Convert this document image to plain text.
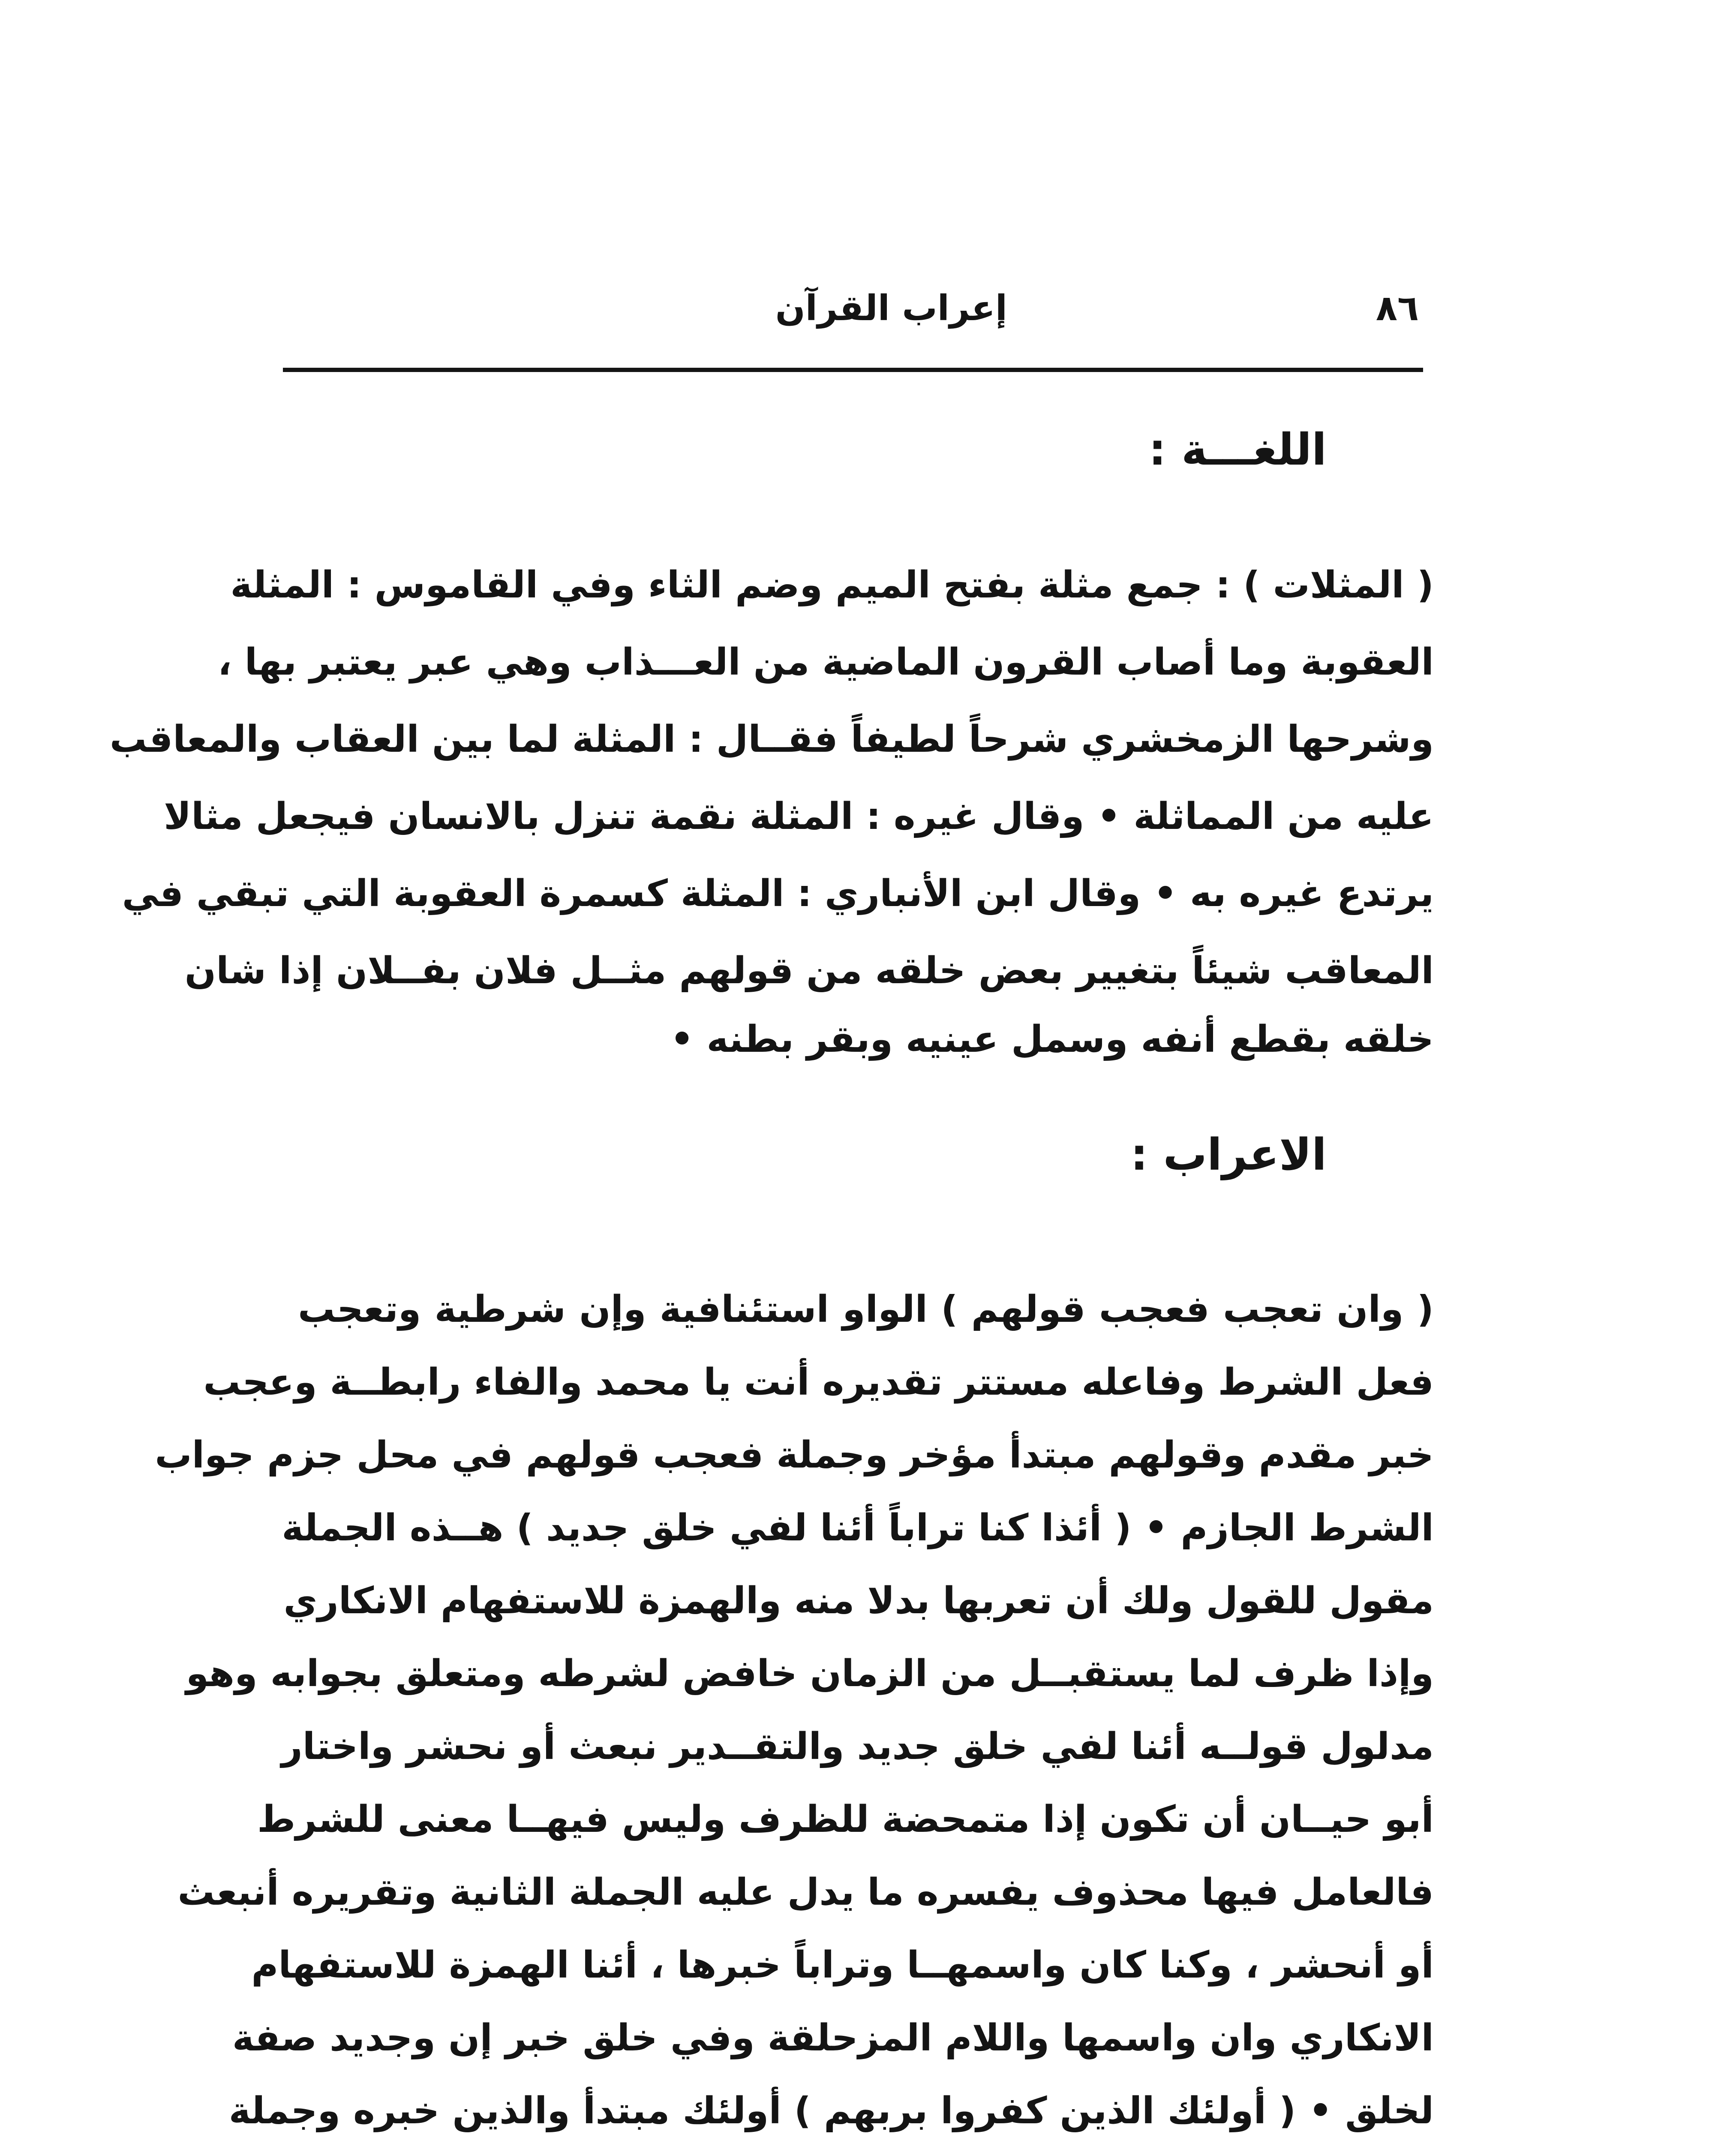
٨٦
إعراب القرآن
اللغـــة :
( المثلات ) : جمع مثلة بفتح الميم وضم الثاء وفي القاموس : المثلة
العقوبة وما أصاب القرون الماضية من العـــذاب وهي عبر يعتبر بها ،
وشرحها الزمخشري شرحاً لطيفاً فقــال : المثلة لما بين العقاب والمعاقب
عليه من المماثلة • وقال غيره : المثلة نقمة تنزل بالانسان فيجعل مثالا
يرتدع غيره به • وقال ابن الأنباري : المثلة كسمرة العقوبة التي تبقي في
المعاقب شيئاً بتغيير بعض خلقه من قولهم مثــل فلان بفــلان إذا شان
خلقه بقطع أنفه وسمل عينيه وبقر بطنه •
الاعراب :
( وان تعجب فعجب قولهم ) الواو استئنافية وإن شرطية وتعجب
فعل الشرط وفاعله مستتر تقديره أنت يا محمد والفاء رابطــة وعجب
خبر مقدم وقولهم مبتدأ مؤخر وجملة فعجب قولهم في محل جزم جواب
الشرط الجازم • ( أئذا كنا تراباً أئنا لفي خلق جديد ) هــذه الجملة
مقول للقول ولك أن تعربها بدلا منه والهمزة للاستفهام الانكاري
وإذا ظرف لما يستقبــل من الزمان خافض لشرطه ومتعلق بجوابه وهو
مدلول قولــه أئنا لفي خلق جديد والتقــدير نبعث أو نحشر واختار
أبو حيــان أن تكون إذا متمحضة للظرف وليس فيهــا معنى للشرط
فالعامل فيها محذوف يفسره ما يدل عليه الجملة الثانية وتقريره أنبعث
أو أنحشر ، وكنا كان واسمهــا وتراباً خبرها ، أئنا الهمزة للاستفهام
الانكاري وان واسمها واللام المزحلقة وفي خلق خبر إن وجديد صفة
لخلق • ( أولئك الذين كفروا بربهم ) أولئك مبتدأ والذين خبره وجملة
